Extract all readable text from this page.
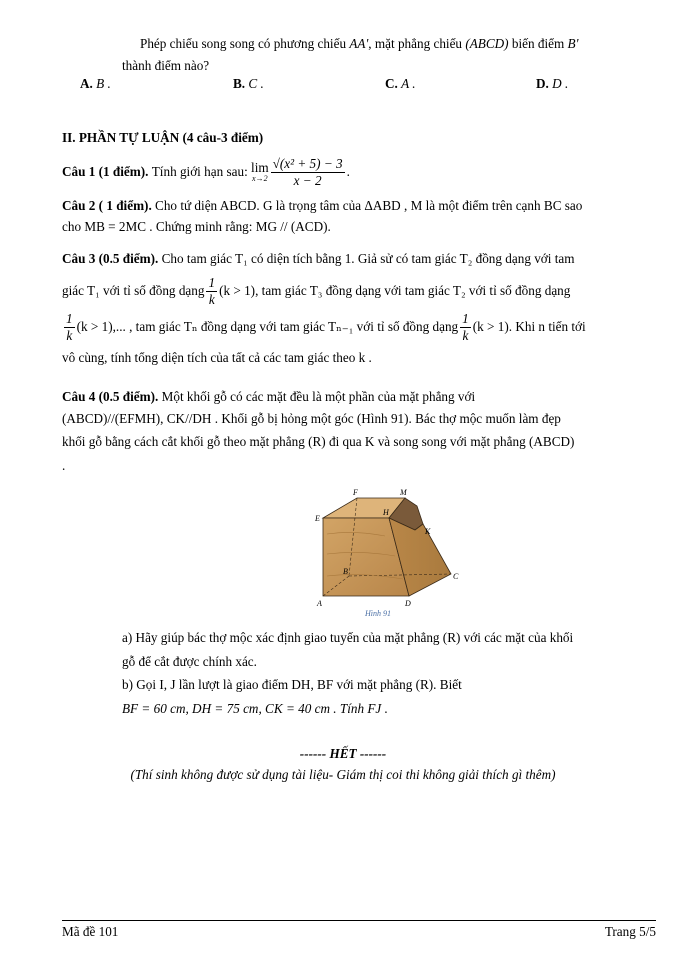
Phép chiếu song song có phương chiếu AA', mặt phẳng chiếu (ABCD) biến điểm B'
thành điểm nào?
A. B .	B. C .	C. A .	D. D .
II. PHẦN TỰ LUẬN (4 câu-3 điểm)
Câu 1 (1 điểm).
Tính giới hạn sau:
lim
$x\to 2 \frac{\text{√(x² + 5) − 3}}{x - 2}$ .
Câu 2 ( 1 điểm). Cho tứ diện ABCD. G là trọng tâm của ΔABD , M là một điểm trên cạnh BC sao
cho MB = 2MC . Chứng minh rằng: MG // (ACD).
Câu 3 (0.5 điểm). Cho tam giác T₁ có diện tích bằng 1. Giả sử có tam giác T₂ đồng dạng với tam
giác T₁ với tỉ số đồng dạng $\frac{1}{k} (k > 1)$, tam giác T₃ đồng dạng với tam giác T₂ với tỉ số đồng dạng
$\frac{1}{k} (k > 1)$,... , tam giác Tₙ đồng dạng với tam giác Tₙ₋₁ với tỉ số đồng dạng $\frac{1}{k} (k > 1)$. Khi n tiến tới
vô cùng, tính tổng diện tích của tất cả các tam giác theo k .
Câu 4 (0.5 điểm). Một khối gỗ có các mặt đều là một phần của mặt phẳng với
(ABCD)//(EFMH), CK//DH . Khối gỗ bị hỏng một góc (Hình 91). Bác thợ mộc muốn làm đẹp
khối gỗ bằng cách cắt khối gỗ theo mặt phẳng (R) đi qua K và song song với mặt phẳng (ABCD)
.
F	M
E
H
K
B
C
A	D
Hình 91
a) Hãy giúp bác thợ mộc xác định giao tuyến của mặt phẳng (R) với các mặt của khối
gỗ để cắt được chính xác.
b) Gọi I, J lần lượt là giao điểm DH, BF với mặt phẳng (R). Biết
BF = 60 cm, DH = 75 cm, CK = 40 cm . Tính FJ .
------ HẾT ------
(Thí sinh không được sử dụng tài liệu- Giám thị coi thi không giải thích gì thêm)
Mã đề 101	Trang 5/5
